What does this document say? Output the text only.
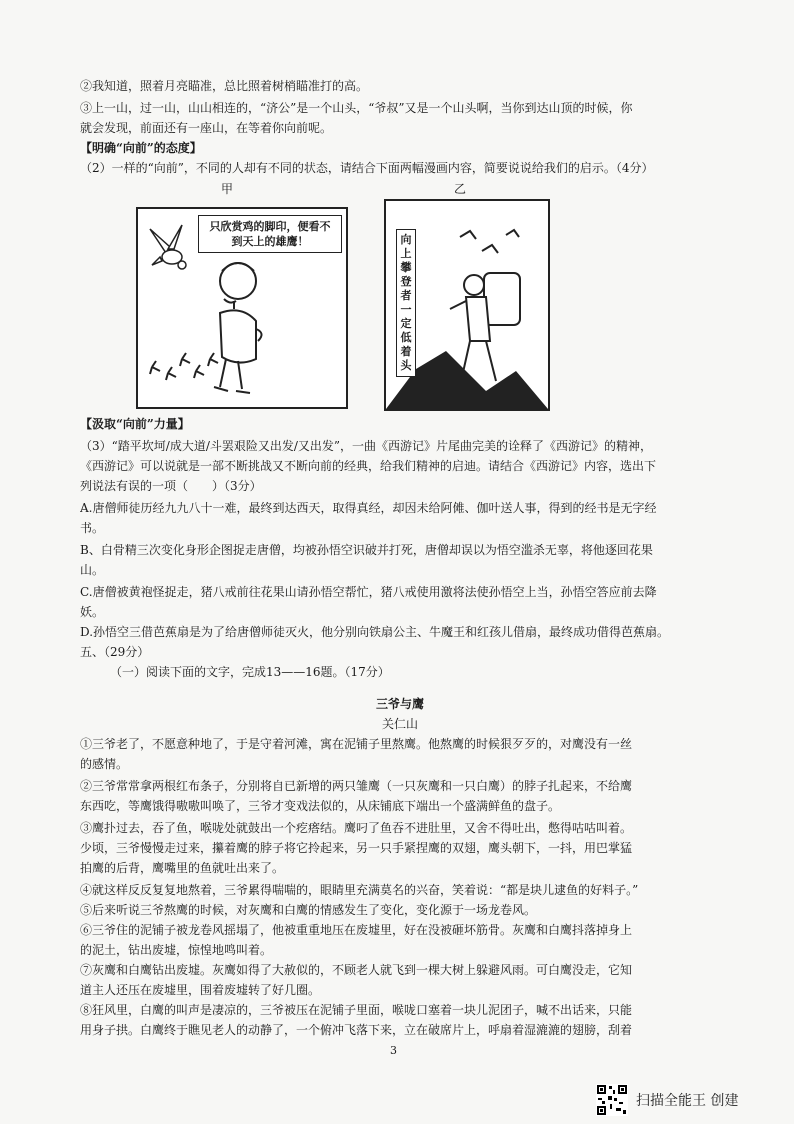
②我知道，照着月亮瞄准，总比照着树梢瞄准打的高。
③上一山，过一山，山山相连的，“济公”是一个山头，“爷叔”又是一个山头啊，当你到达山顶的时候，你
就会发现，前面还有一座山，在等着你向前呢。
【明确“向前”的态度】
（2）一样的“向前”，不同的人却有不同的状态，请结合下面两幅漫画内容，简要说说给我们的启示。（4分）
甲	乙
只欣赏鸡的脚印，便看不到天上的雄鹰！	向上攀登者一定低着头
【汲取“向前”力量】
（3）“踏平坎坷/成大道/斗罢艰险又出发/又出发”，一曲《西游记》片尾曲完美的诠释了《西游记》的精神，
《西游记》可以说就是一部不断挑战又不断向前的经典，给我们精神的启迪。请结合《西游记》内容，选出下
列说法有误的一项（　　）（3分）
A.唐僧师徒历经九九八十一难，最终到达西天，取得真经，却因未给阿傩、伽叶送人事，得到的经书是无字经
书。
B、白骨精三次变化身形企图捉走唐僧，均被孙悟空识破并打死，唐僧却误以为悟空滥杀无辜，将他逐回花果
山。
C.唐僧被黄袍怪捉走，猪八戒前往花果山请孙悟空帮忙，猪八戒使用激将法使孙悟空上当，孙悟空答应前去降
妖。
D.孙悟空三借芭蕉扇是为了给唐僧师徒灭火，他分别向铁扇公主、牛魔王和红孩儿借扇，最终成功借得芭蕉扇。
五、（29分）
（一）阅读下面的文字，完成13——16题。（17分）
三爷与鹰
关仁山
①三爷老了，不愿意种地了，于是守着河滩，寓在泥铺子里熬鹰。他熬鹰的时候狠歹歹的，对鹰没有一丝
的感情。
②三爷常常拿两根红布条子，分别将自已新增的两只雏鹰（一只灰鹰和一只白鹰）的脖子扎起来，不给鹰
东西吃，等鹰饿得嗷嗷叫唤了，三爷才变戏法似的，从床铺底下端出一个盛满鲜鱼的盘子。
③鹰扑过去，吞了鱼，喉咙处就鼓出一个疙瘩结。鹰叼了鱼吞不进肚里，又舍不得吐出，憋得咕咕叫着。
少顷，三爷慢慢走过来，攥着鹰的脖子将它拎起来，另一只手紧捏鹰的双翅，鹰头朝下，一抖，用巴掌猛
拍鹰的后背，鹰嘴里的鱼就吐出来了。
④就这样反反复复地熬着，三爷累得喘喘的，眼睛里充满莫名的兴奋，笑着说：“都是块儿逮鱼的好料子。”
⑤后来听说三爷熬鹰的时候，对灰鹰和白鹰的情感发生了变化，变化源于一场龙卷风。
⑥三爷住的泥铺子被龙卷风摇塌了，他被重重地压在废墟里，好在没被砸坏筋骨。灰鹰和白鹰抖落掉身上
的泥土，钻出废墟，惊惶地鸣叫着。
⑦灰鹰和白鹰钻出废墟。灰鹰如得了大赦似的，不顾老人就飞到一棵大树上躲避风雨。可白鹰没走，它知
道主人还压在废墟里，围着废墟转了好几圈。
⑧狂风里，白鹰的叫声是凄凉的，三爷被压在泥铺子里面，喉咙口塞着一块儿泥团子，喊不出话来，只能
用身子拱。白鹰终于瞧见老人的动静了，一个俯冲飞落下来，立在破席片上，呼扇着湿漉漉的翅膀，刮着
3
扫描全能王 创建
